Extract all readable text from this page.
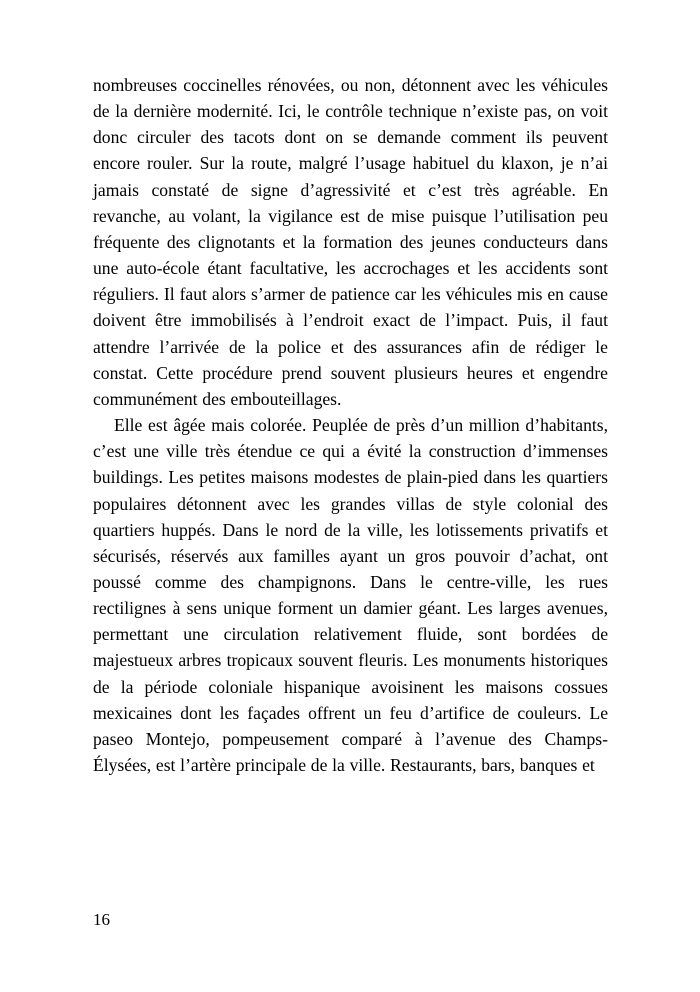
nombreuses coccinelles rénovées, ou non, détonnent avec les véhicules de la dernière modernité. Ici, le contrôle technique n’existe pas, on voit donc circuler des tacots dont on se demande comment ils peuvent encore rouler. Sur la route, malgré l’usage habituel du klaxon, je n’ai jamais constaté de signe d’agressivité et c’est très agréable. En revanche, au volant, la vigilance est de mise puisque l’utilisation peu fréquente des clignotants et la formation des jeunes conducteurs dans une auto-école étant facultative, les accrochages et les accidents sont réguliers. Il faut alors s’armer de patience car les véhicules mis en cause doivent être immobilisés à l’endroit exact de l’impact. Puis, il faut attendre l’arrivée de la police et des assurances afin de rédiger le constat. Cette procédure prend souvent plusieurs heures et engendre communément des embouteillages.

Elle est âgée mais colorée. Peuplée de près d’un million d’habitants, c’est une ville très étendue ce qui a évité la construction d’immenses buildings. Les petites maisons modestes de plain-pied dans les quartiers populaires détonnent avec les grandes villas de style colonial des quartiers huppés. Dans le nord de la ville, les lotissements privatifs et sécurisés, réservés aux familles ayant un gros pouvoir d’achat, ont poussé comme des champignons. Dans le centre-ville, les rues rectilignes à sens unique forment un damier géant. Les larges avenues, permettant une circulation relativement fluide, sont bordées de majestueux arbres tropicaux souvent fleuris. Les monuments historiques de la période coloniale hispanique avoisinent les maisons cossues mexicaines dont les façades offrent un feu d’artifice de couleurs. Le paseo Montejo, pompeusement comparé à l’avenue des Champs-Élysées, est l’artère principale de la ville. Restaurants, bars, banques et

16
